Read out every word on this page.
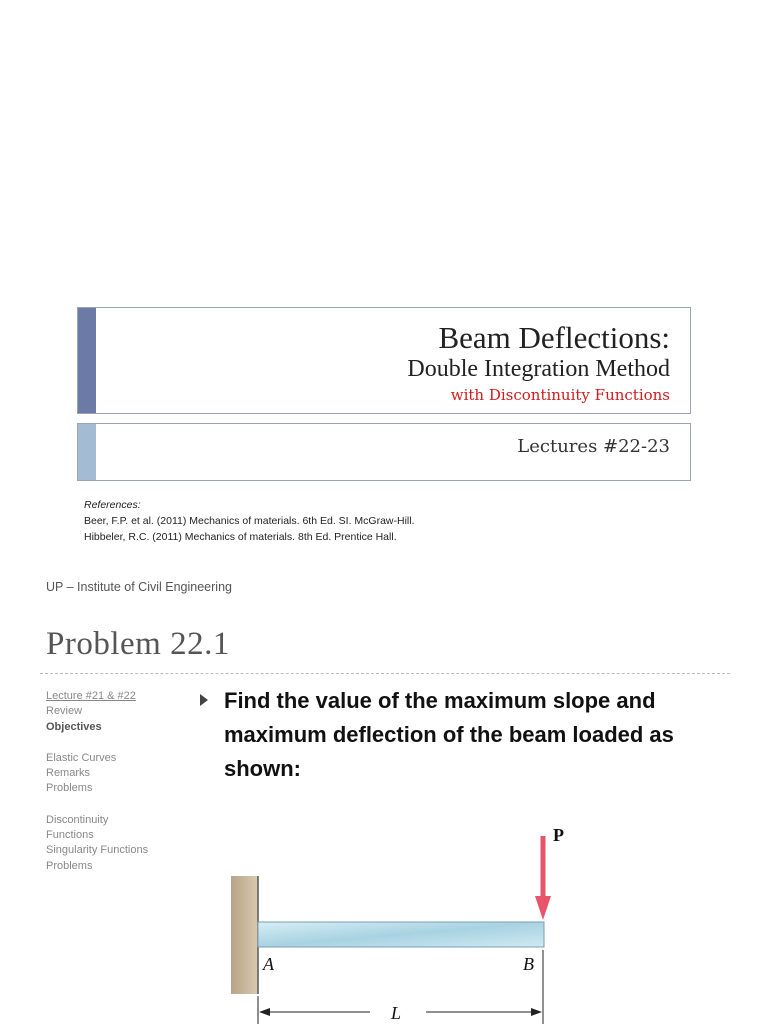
Beam Deflections:
Double Integration Method
with Discontinuity Functions
Lectures #22-23
References:
Beer, F.P. et al. (2011) Mechanics of materials. 6th Ed. SI. McGraw-Hill.
Hibbeler, R.C. (2011) Mechanics of materials. 8th Ed. Prentice Hall.
UP – Institute of Civil Engineering
Problem 22.1
Lecture #21 & #22
Review
Objectives
Elastic Curves
Remarks
Problems
Discontinuity
Functions
Singularity Functions
Problems
Find the value of the maximum slope and maximum deflection of the beam loaded as shown:
P
A	B
L
